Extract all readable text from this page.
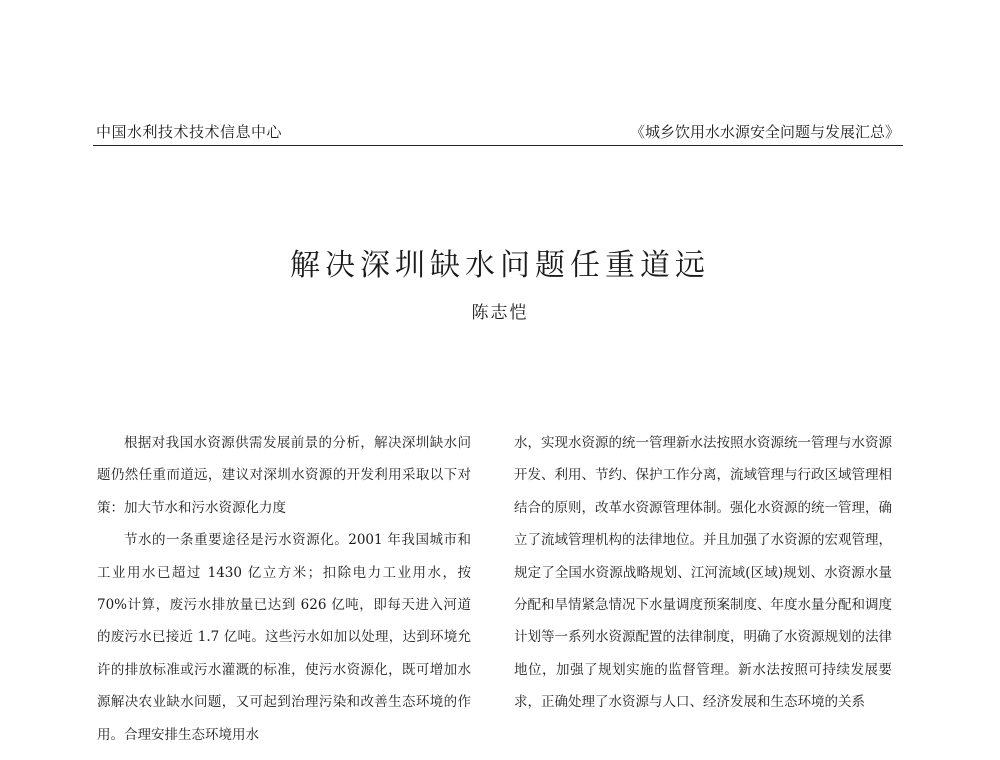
中国水利技术技术信息中心	《城乡饮用水水源安全问题与发展汇总》
解决深圳缺水问题任重道远
陈志恺

根据对我国水资源供需发展前景的分析，解决深圳缺水问题仍然任重而道远，建议对深圳水资源的开发利用采取以下对策：加大节水和污水资源化力度

节水的一条重要途径是污水资源化。2001 年我国城市和工业用水已超过 1430 亿立方米；扣除电力工业用水，按 70%计算，废污水排放量已达到 626 亿吨，即每天进入河道的废污水已接近 1.7 亿吨。这些污水如加以处理，达到环境允许的排放标准或污水灌溉的标准，使污水资源化，既可增加水源解决农业缺水问题，又可起到治理污染和改善生态环境的作用。合理安排生态环境用水

水，实现水资源的统一管理新水法按照水资源统一管理与水资源开发、利用、节约、保护工作分离，流域管理与行政区域管理相结合的原则，改革水资源管理体制。强化水资源的统一管理，确立了流域管理机构的法律地位。并且加强了水资源的宏观管理，规定了全国水资源战略规划、江河流域(区域)规划、水资源水量分配和旱情紧急情况下水量调度预案制度、年度水量分配和调度计划等一系列水资源配置的法律制度，明确了水资源规划的法律地位，加强了规划实施的监督管理。新水法按照可持续发展要求，正确处理了水资源与人口、经济发展和生态环境的关系
